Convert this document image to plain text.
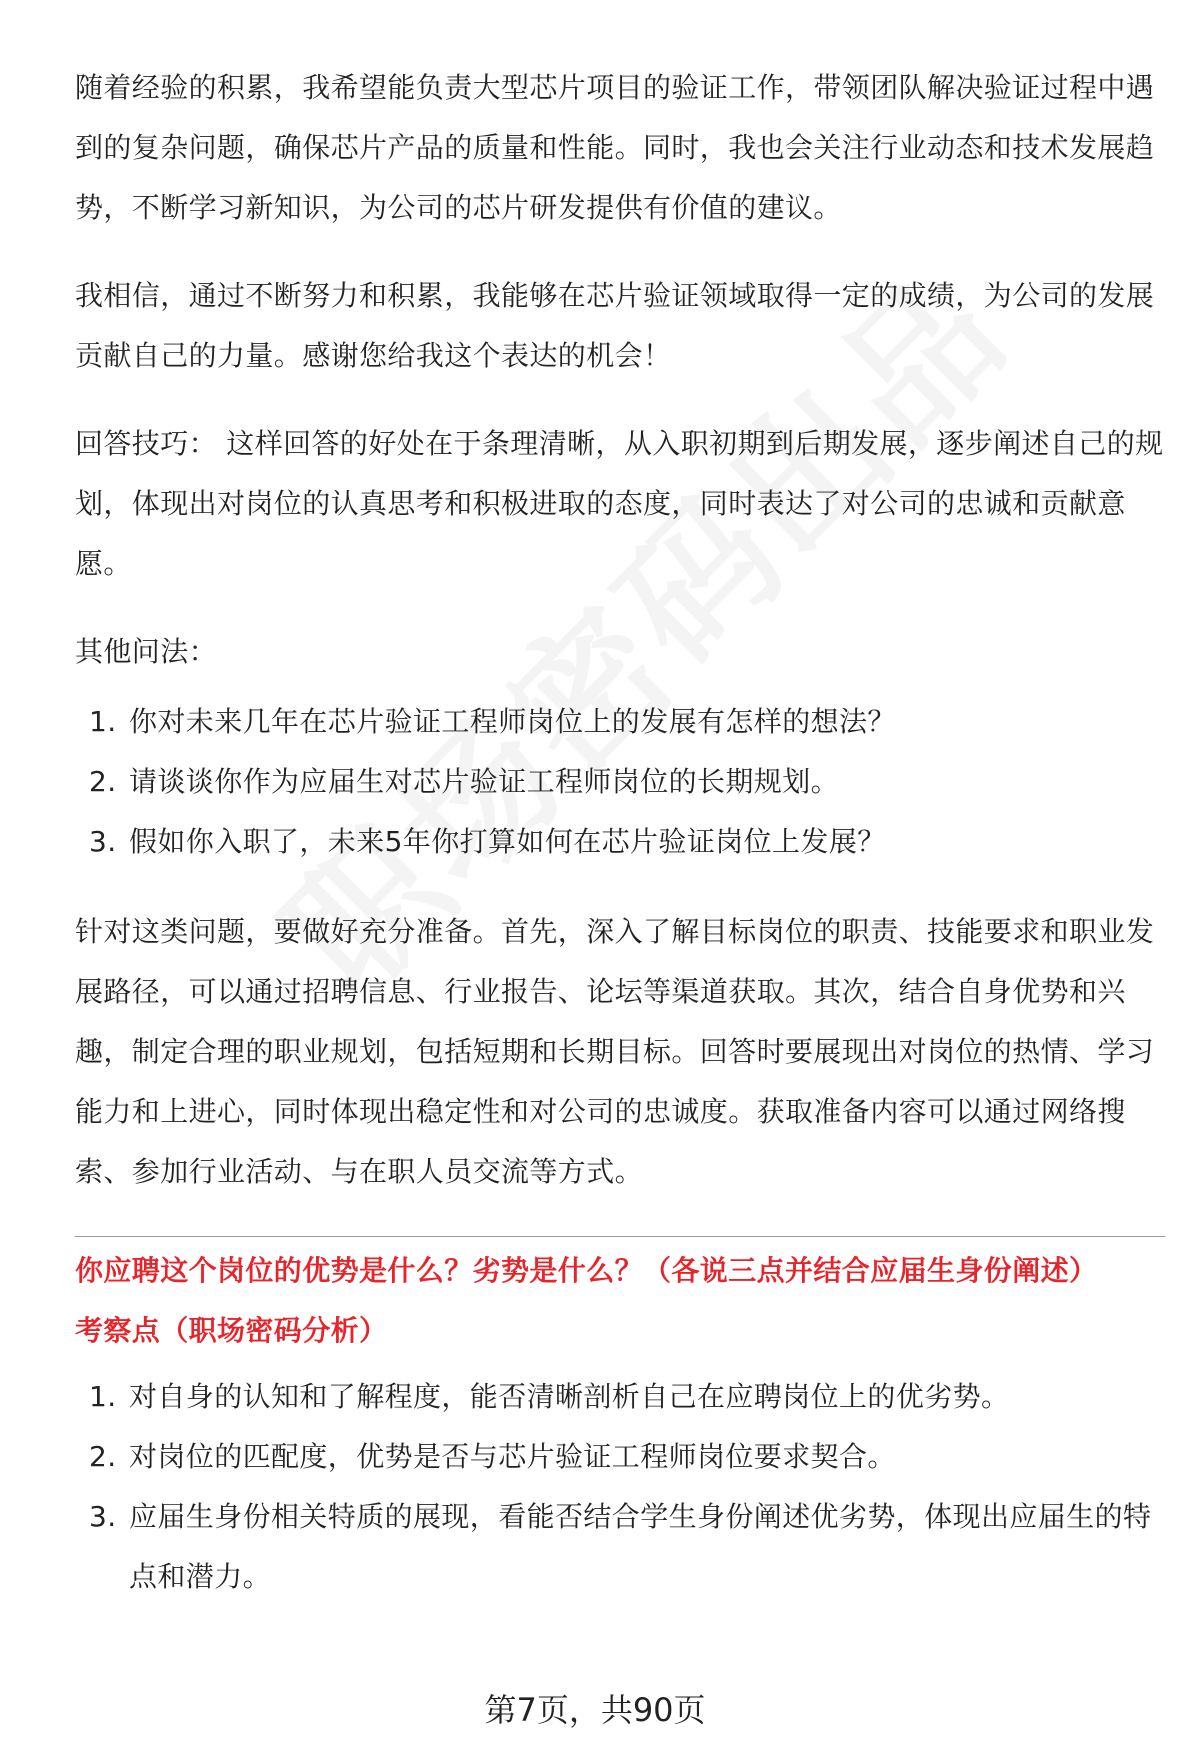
随着经验的积累，我希望能负责大型芯片项目的验证工作，带领团队解决验证过程中遇到的复杂问题，确保芯片产品的质量和性能。同时，我也会关注行业动态和技术发展趋势，不断学习新知识，为公司的芯片研发提供有价值的建议。

我相信，通过不断努力和积累，我能够在芯片验证领域取得一定的成绩，为公司的发展贡献自己的力量。感谢您给我这个表达的机会！

回答技巧： 这样回答的好处在于条理清晰，从入职初期到后期发展，逐步阐述自己的规划，体现出对岗位的认真思考和积极进取的态度，同时表达了对公司的忠诚和贡献意愿。

其他问法：

1. 你对未来几年在芯片验证工程师岗位上的发展有怎样的想法？
2. 请谈谈你作为应届生对芯片验证工程师岗位的长期规划。
3. 假如你入职了，未来5年你打算如何在芯片验证岗位上发展？

针对这类问题，要做好充分准备。首先，深入了解目标岗位的职责、技能要求和职业发展路径，可以通过招聘信息、行业报告、论坛等渠道获取。其次，结合自身优势和兴趣，制定合理的职业规划，包括短期和长期目标。回答时要展现出对岗位的热情、学习能力和上进心，同时体现出稳定性和对公司的忠诚度。获取准备内容可以通过网络搜索、参加行业活动、与在职人员交流等方式。

你应聘这个岗位的优势是什么？劣势是什么？（各说三点并结合应届生身份阐述）
考察点（职场密码分析）
1. 对自身的认知和了解程度，能否清晰剖析自己在应聘岗位上的优劣势。
2. 对岗位的匹配度，优势是否与芯片验证工程师岗位要求契合。
3. 应届生身份相关特质的展现，看能否结合学生身份阐述优劣势，体现出应届生的特点和潜力。
第7页，共90页
